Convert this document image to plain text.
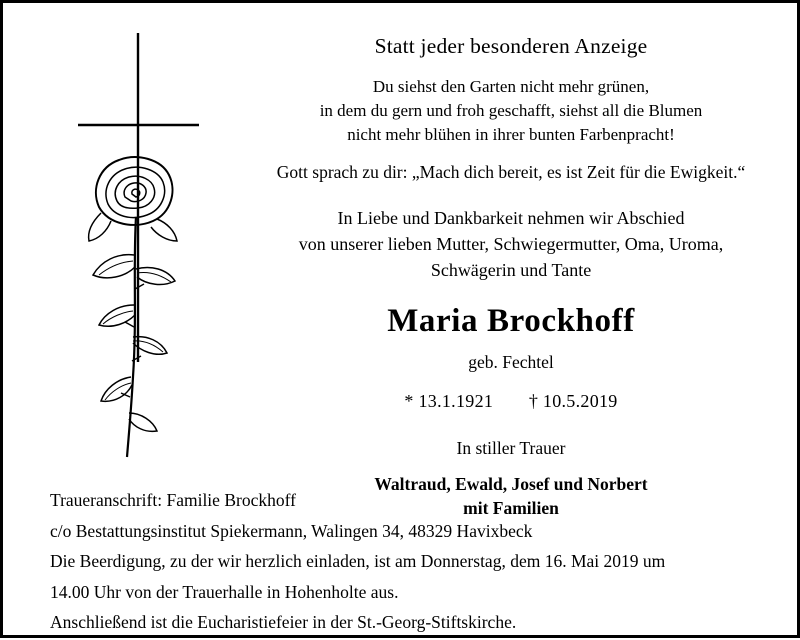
Statt jeder besonderen Anzeige
Du siehst den Garten nicht mehr grünen,
in dem du gern und froh geschafft, siehst all die Blumen
nicht mehr blühen in ihrer bunten Farbenpracht!
Gott sprach zu dir: „Mach dich bereit, es ist Zeit für die Ewigkeit.“
In Liebe und Dankbarkeit nehmen wir Abschied
von unserer lieben Mutter, Schwiegermutter, Oma, Uroma,
Schwägerin und Tante
Maria Brockhoff
geb. Fechtel
* 13.1.1921 † 10.5.2019
In stiller Trauer
Waltraud, Ewald, Josef und Norbert
mit Familien

Traueranschrift: Familie Brockhoff

c/o Bestattungsinstitut Spiekermann, Walingen 34, 48329 Havixbeck

Die Beerdigung, zu der wir herzlich einladen, ist am Donnerstag, dem 16. Mai 2019 um

14.00 Uhr von der Trauerhalle in Hohenholte aus.

Anschließend ist die Eucharistiefeier in der St.-Georg-Stiftskirche.
